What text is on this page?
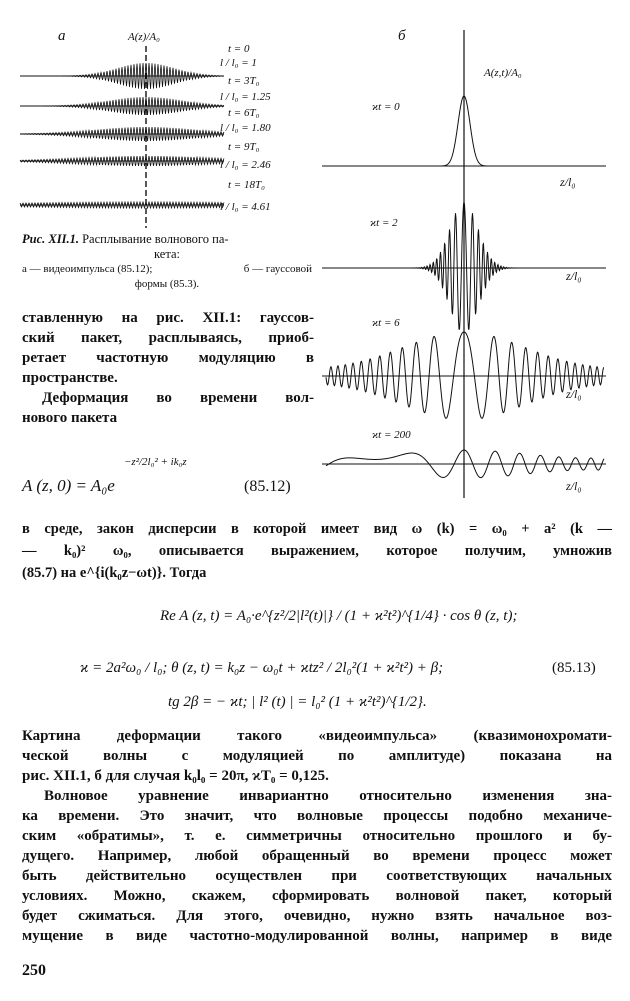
а	A(z)/A₀
t = 0
l / l₀ = 1
t = 3T₀
l / l₀ = 1.25
t = 6T₀
l / l₀ = 1.80
t = 9T₀
l / l₀ = 2.46
t = 18T₀
l / l₀ = 4.61
б
A(z,t)/A₀
ϰt = 0
z/l₀
ϰt = 2
z/l₀
ϰt = 6
z/l₀
ϰt = 200
z/l₀
Рис. XII.1. Расплывание волнового па-
кета:
а — видеоимпульса (85.12);	б — гауссовой
формы (85.3).
ставленную на рис. XII.1: гауссов-
ский пакет, расплываясь, приоб-
ретает частотную модуляцию в
пространстве.
Деформация во времени вол-
нового пакета
A (z, 0) = A₀e
−z²/2l₀² + ik₀z
(85.12)
в среде, закон дисперсии в которой имеет вид ω (k) = ω₀ + a² (k —
— k₀)² ω₀, описывается выражением, которое получим, умножив
(85.7) на e^{i(k₀z−ωt)}. Тогда
Re A (z, t) = A₀·e^{z²/2|l²(t)|} / (1 + ϰ²t²)^{1/4} · cos θ (z, t);
ϰ = 2a²ω₀ / l₀; θ (z, t) = k₀z − ω₀t + ϰtz² / 2l₀²(1 + ϰ²t²) + β;	(85.13)
tg 2β = − ϰt; | l² (t) | = l₀² (1 + ϰ²t²)^{1/2}.
Картина деформации такого «видеоимпульса» (квазимонохромати-
ческой волны с модуляцией по амплитуде) показана на
рис. XII.1, б для случая k₀l₀ = 20π, ϰT₀ = 0,125.
Волновое уравнение инвариантно относительно изменения зна-
ка времени. Это значит, что волновые процессы подобно механиче-
ским «обратимы», т. е. симметричны относительно прошлого и бу-
дущего. Например, любой обращенный во времени процесс может
быть действительно осуществлен при соответствующих начальных
условиях. Можно, скажем, сформировать волновой пакет, который
будет сжиматься. Для этого, очевидно, нужно взять начальное воз-
мущение в виде частотно-модулированной волны, например в виде
250
